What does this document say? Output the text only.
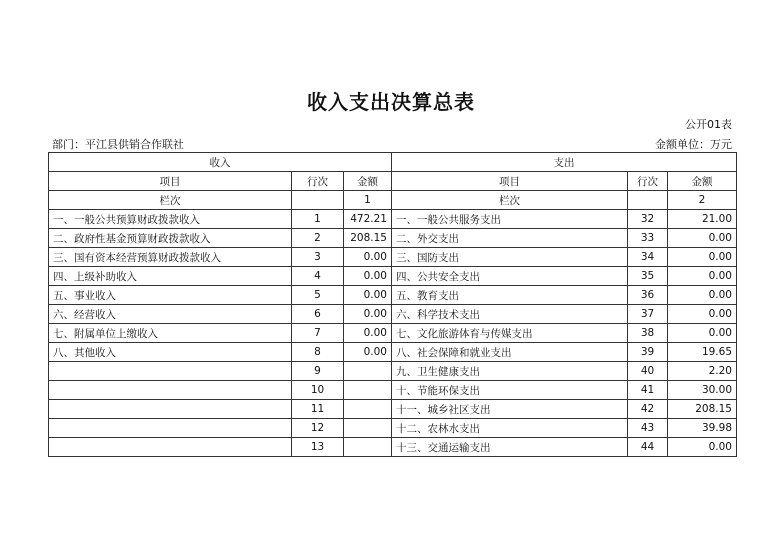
收入支出决算总表
公开01表
部门：平江县供销合作联社	金额单位：万元
收入			支出		
项目	行次	金额	项目	行次	金额
栏次		1	栏次		2
一、一般公共预算财政拨款收入	1	472.21	一、一般公共服务支出	32	21.00
二、政府性基金预算财政拨款收入	2	208.15	二、外交支出	33	0.00
三、国有资本经营预算财政拨款收入	3	0.00	三、国防支出	34	0.00
四、上级补助收入	4	0.00	四、公共安全支出	35	0.00
五、事业收入	5	0.00	五、教育支出	36	0.00
六、经营收入	6	0.00	六、科学技术支出	37	0.00
七、附属单位上缴收入	7	0.00	七、文化旅游体育与传媒支出	38	0.00
八、其他收入	8	0.00	八、社会保障和就业支出	39	19.65
	9		九、卫生健康支出	40	2.20
	10		十、节能环保支出	41	30.00
	11		十一、城乡社区支出	42	208.15
	12		十二、农林水支出	43	39.98
	13		十三、交通运输支出	44	0.00
